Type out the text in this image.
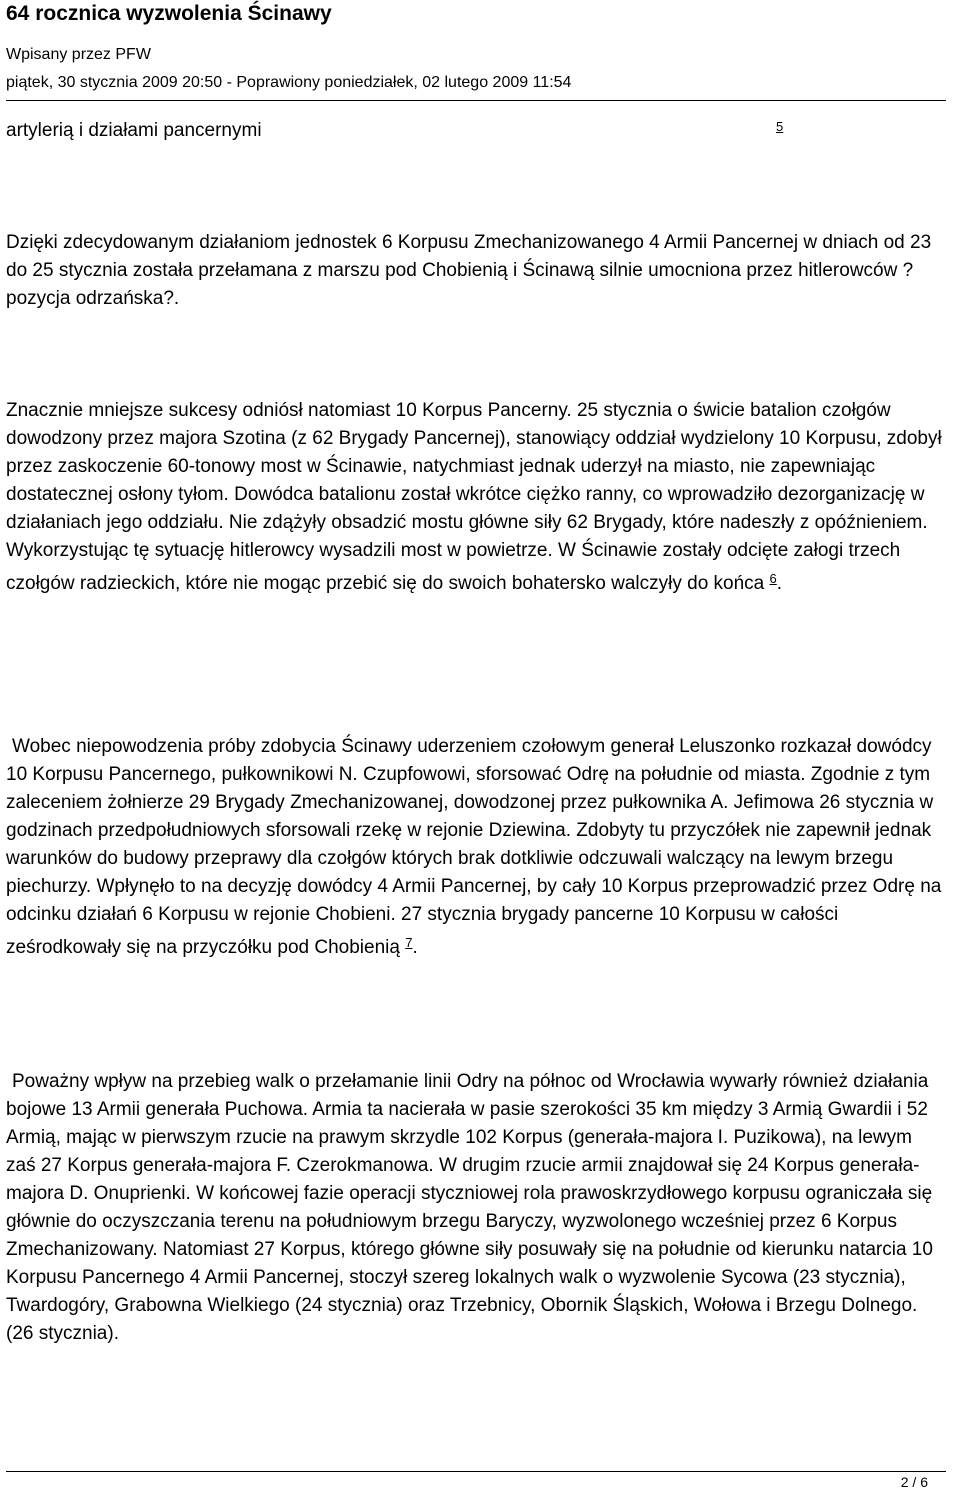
64 rocznica wyzwolenia Ścinawy
Wpisany przez PFW
piątek, 30 stycznia 2009 20:50 - Poprawiony poniedziałek, 02 lutego 2009 11:54
artylerią i działami pancernymi	5

Dzięki zdecydowanym działaniom jednostek 6 Korpusu Zmechanizowanego 4 Armii Pancernej w dniach od 23 do 25 stycznia została przełamana z marszu pod Chobienią i Ścinawą silnie umocniona przez hitlerowców ?pozycja odrzańska?.

Znacznie mniejsze sukcesy odniósł natomiast 10 Korpus Pancerny. 25 stycznia o świcie batalion czołgów dowodzony przez majora Szotina (z 62 Brygady Pancernej), stanowiący oddział wydzielony 10 Korpusu, zdobył przez zaskoczenie 60-tonowy most w Ścinawie, natychmiast jednak uderzył na miasto, nie zapewniając dostatecznej osłony tyłom. Dowódca batalionu został wkrótce ciężko ranny, co wprowadziło dezorganizację w działaniach jego oddziału. Nie zdążyły obsadzić mostu główne siły 62 Brygady, które nadeszły z opóźnieniem. Wykorzystując tę sytuację hitlerowcy wysadzili most w powietrze. W Ścinawie zostały odcięte załogi trzech czołgów radzieckich, które nie mogąc przebić się do swoich bohatersko walczyły do końca $^6$.

Wobec niepowodzenia próby zdobycia Ścinawy uderzeniem czołowym generał Leluszonko rozkazał dowódcy 10 Korpusu Pancernego, pułkownikowi N. Czupfowowi, sforsować Odrę na południe od miasta. Zgodnie z tym zaleceniem żołnierze 29 Brygady Zmechanizowanej, dowodzonej przez pułkownika A. Jefimowa 26 stycznia w godzinach przedpołudniowych sforsowali rzekę w rejonie Dziewina. Zdobyty tu przyczółek nie zapewnił jednak warunków do budowy przeprawy dla czołgów których brak dotkliwie odczuwali walczący na lewym brzegu piechurzy. Wpłynęło to na decyzję dowódcy 4 Armii Pancernej, by cały 10 Korpus przeprowadzić przez Odrę na odcinku działań 6 Korpusu w rejonie Chobieni. 27 stycznia brygady pancerne 10 Korpusu w całości ześrodkowały się na przyczółku pod Chobienią $^7$.

Poważny wpływ na przebieg walk o przełamanie linii Odry na północ od Wrocławia wywarły również działania bojowe 13 Armii generała Puchowa. Armia ta nacierała w pasie szerokości 35 km między 3 Armią Gwardii i 52 Armią, mając w pierwszym rzucie na prawym skrzydle 102 Korpus (generała-majora I. Puzikowa), na lewym zaś 27 Korpus generała-majora F. Czerokmanowa. W drugim rzucie armii znajdował się 24 Korpus generała-majora D. Onuprienki. W końcowej fazie operacji styczniowej rola prawoskrzydłowego korpusu ograniczała się głównie do oczyszczania terenu na południowym brzegu Baryczy, wyzwolonego wcześniej przez 6 Korpus Zmechanizowany. Natomiast 27 Korpus, którego główne siły posuwały się na południe od kierunku natarcia 10 Korpusu Pancernego 4 Armii Pancernej, stoczył szereg lokalnych walk o wyzwolenie Sycowa (23 stycznia), Twardogóry, Grabowna Wielkiego (24 stycznia) oraz Trzebnicy, Obornik Śląskich, Wołowa i Brzegu Dolnego. (26 stycznia).

2 / 6
